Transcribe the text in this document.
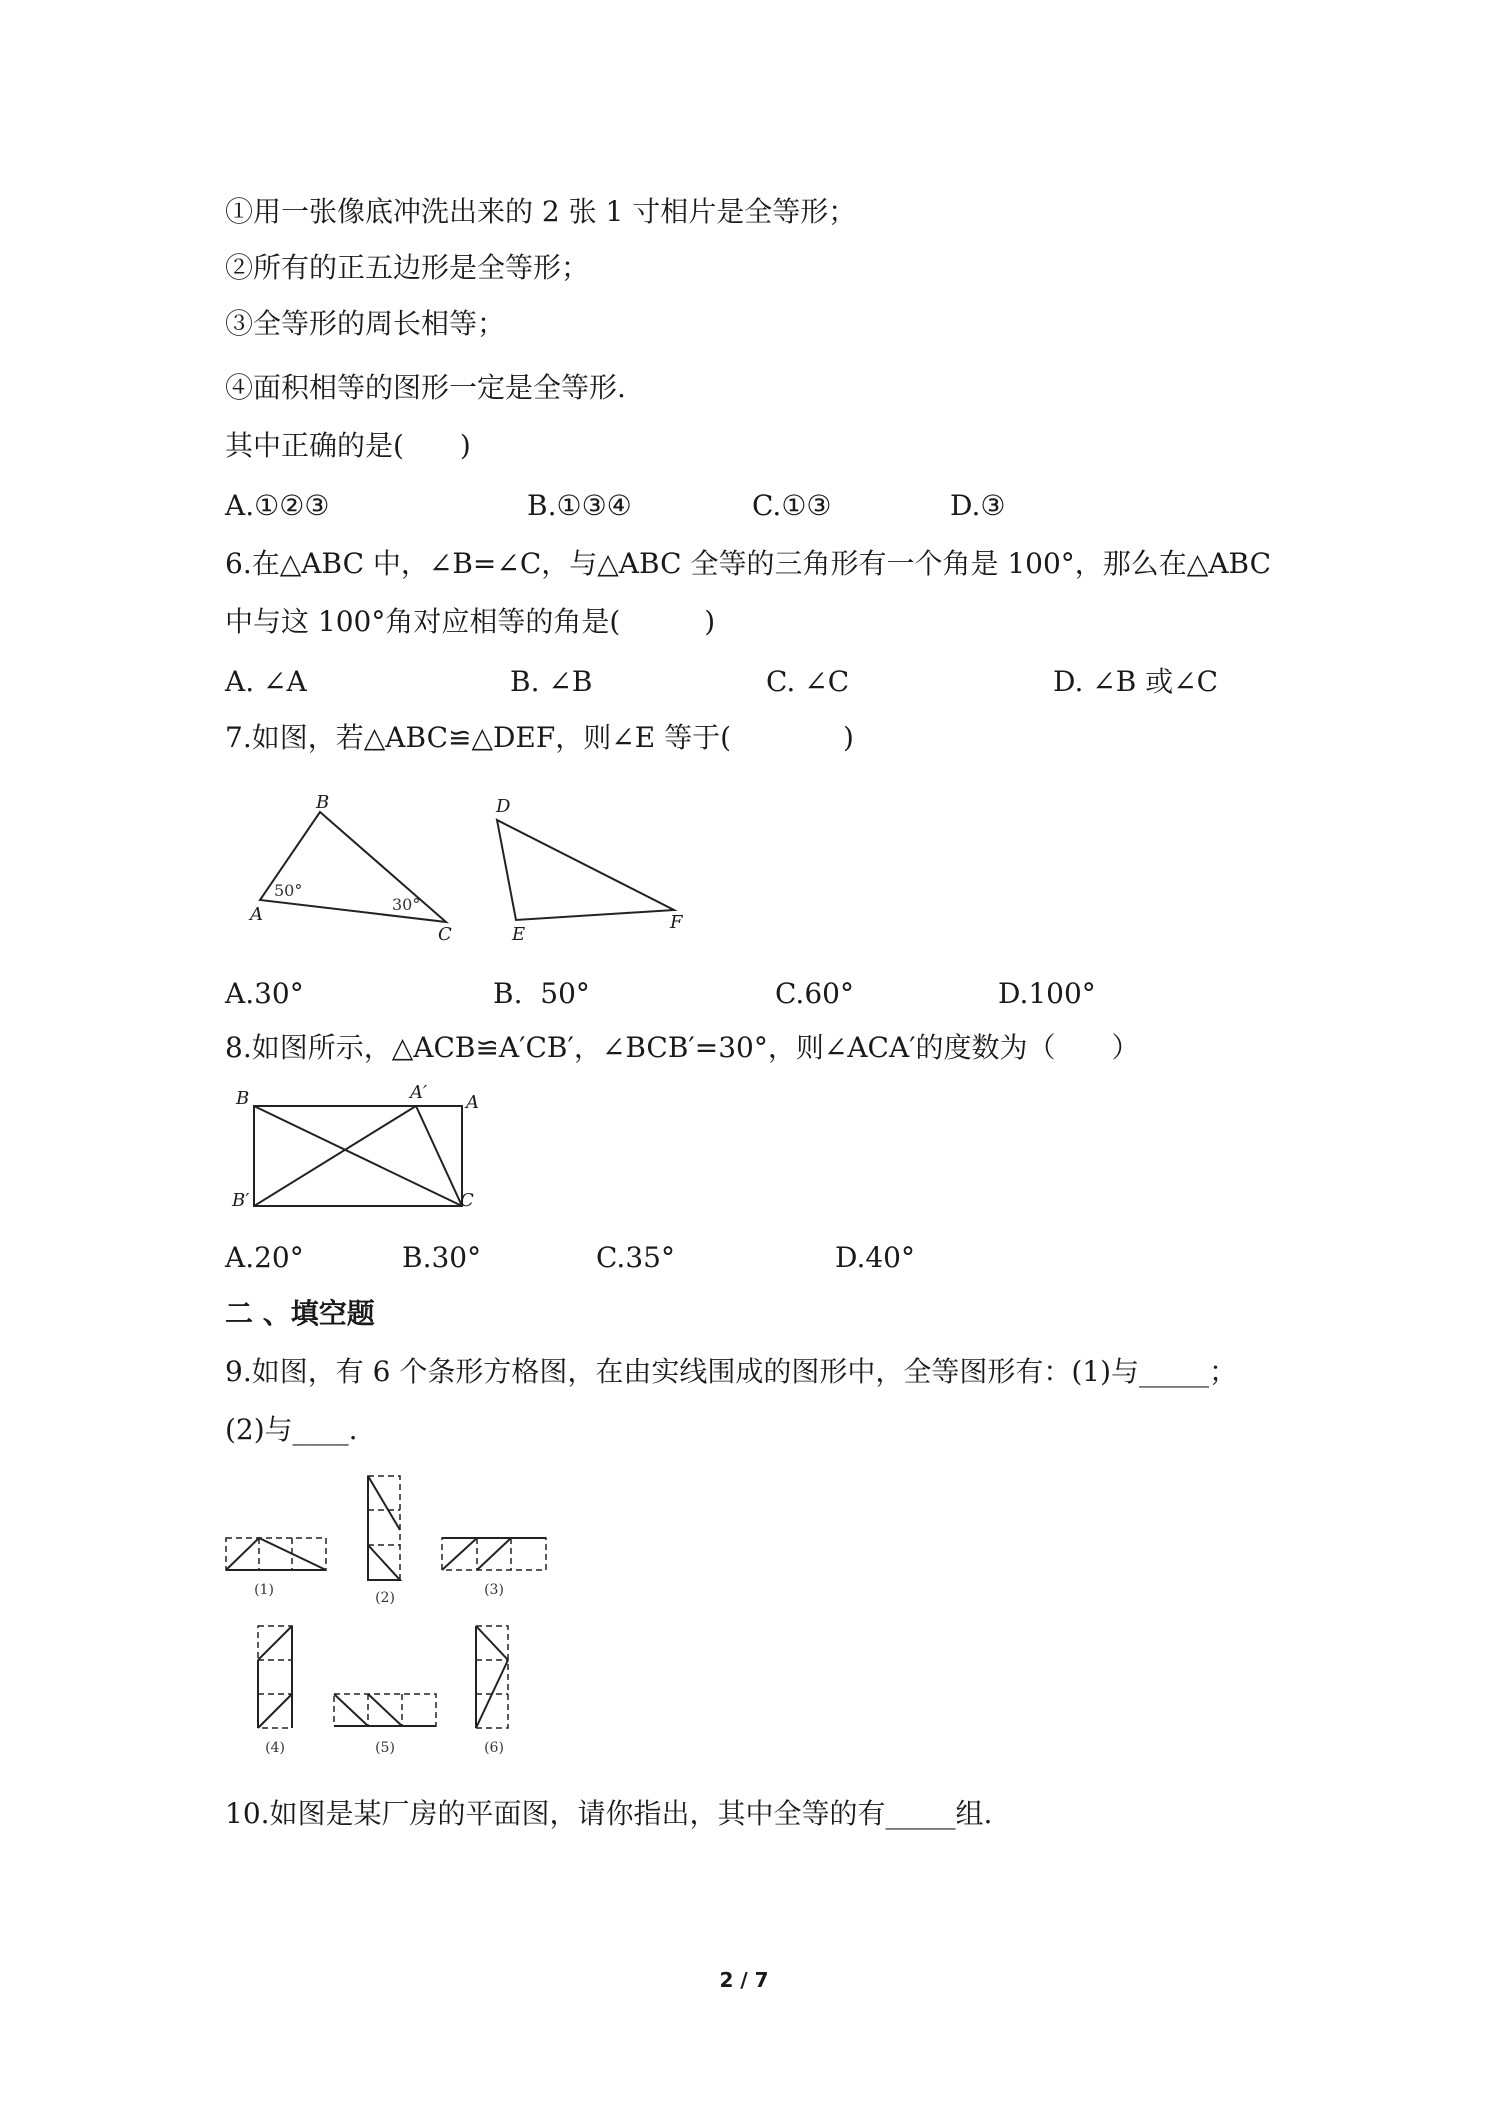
①用一张像底冲洗出来的 2 张 1 寸相片是全等形；
②所有的正五边形是全等形；
③全等形的周长相等；
④面积相等的图形一定是全等形.
其中正确的是(　　)
A.①②③	B.①③④	C.①③	D.③
6.在△ABC 中，∠B=∠C，与△ABC 全等的三角形有一个角是 100°，那么在△ABC
中与这 100°角对应相等的角是(　　　)
A. ∠A	B. ∠B	C. ∠C	D. ∠B 或∠C
7.如图，若△ABC≌△DEF，则∠E 等于(　　　　)
B
A
C
D
E
F
50°
30°
A.30°	B.  50°	C.60°	D.100°
8.如图所示，△ACB≌A′CB′，∠BCB′=30°，则∠ACA′的度数为（　　）
B	A′ A
B′	C
A.20°	B.30°	C.35°	D.40°
二 、填空题
9.如图，有 6 个条形方格图，在由实线围成的图形中，全等图形有：(1)与_____；
(2)与____.
(1)	(2)	(3)
(4)	(5)	(6)
10.如图是某厂房的平面图，请你指出，其中全等的有_____组.
2 / 7
